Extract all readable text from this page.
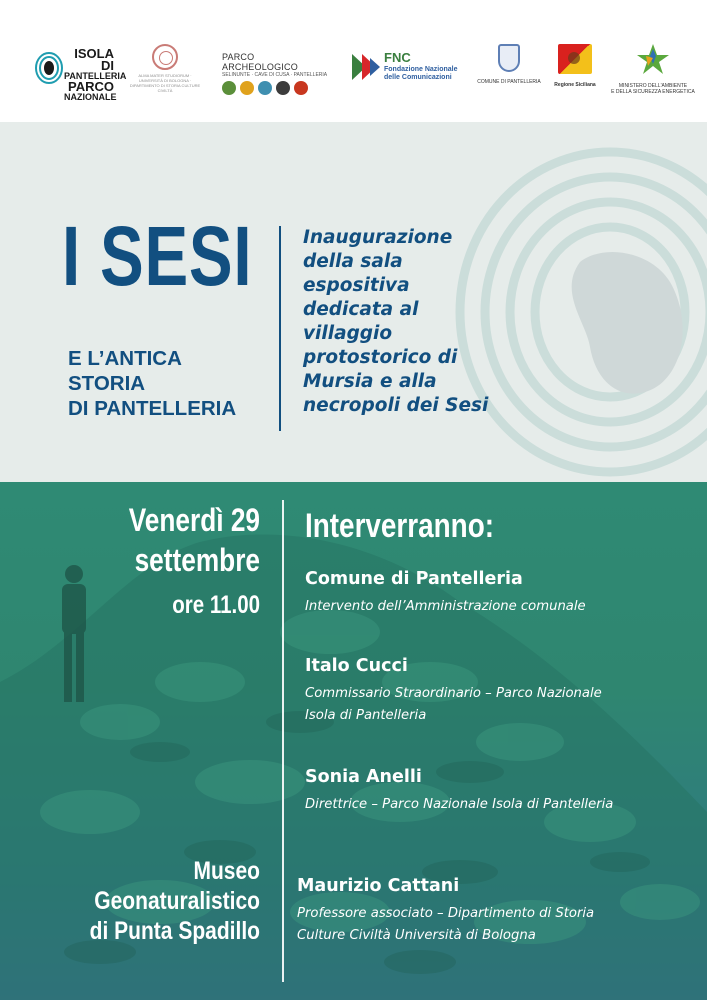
ISOLA DI
PANTELLERIA
PARCO
NAZIONALE
ALMA MATER STUDIORUM · UNIVERSITÀ DI BOLOGNA · DIPARTIMENTO DI STORIA CULTURE CIVILTÀ
PARCO ARCHEOLOGICO
SELINUNTE · CAVE DI CUSA · PANTELLERIA
FNC
Fondazione Nazionale
delle Comunicazioni
COMUNE DI PANTELLERIA	Regione Siciliana	MINISTERO DELL'AMBIENTE
E DELLA SICUREZZA ENERGETICA
I SESI
E L’ANTICA
STORIA
DI PANTELLERIA
Inaugurazione
della sala
espositiva
dedicata al
villaggio
protostorico di
Mursia e alla
necropoli dei Sesi
Venerdì 29
settembre
ore 11.00
Museo
Geonaturalistico
di Punta Spadillo
Interverranno:
Comune di Pantelleria
Intervento dell’Amministrazione comunale
Italo Cucci
Commissario Straordinario – Parco Nazionale
Isola di Pantelleria
Sonia Anelli
Direttrice – Parco Nazionale Isola di Pantelleria
Maurizio Cattani
Professore associato – Dipartimento di Storia
Culture Civiltà Università di Bologna
